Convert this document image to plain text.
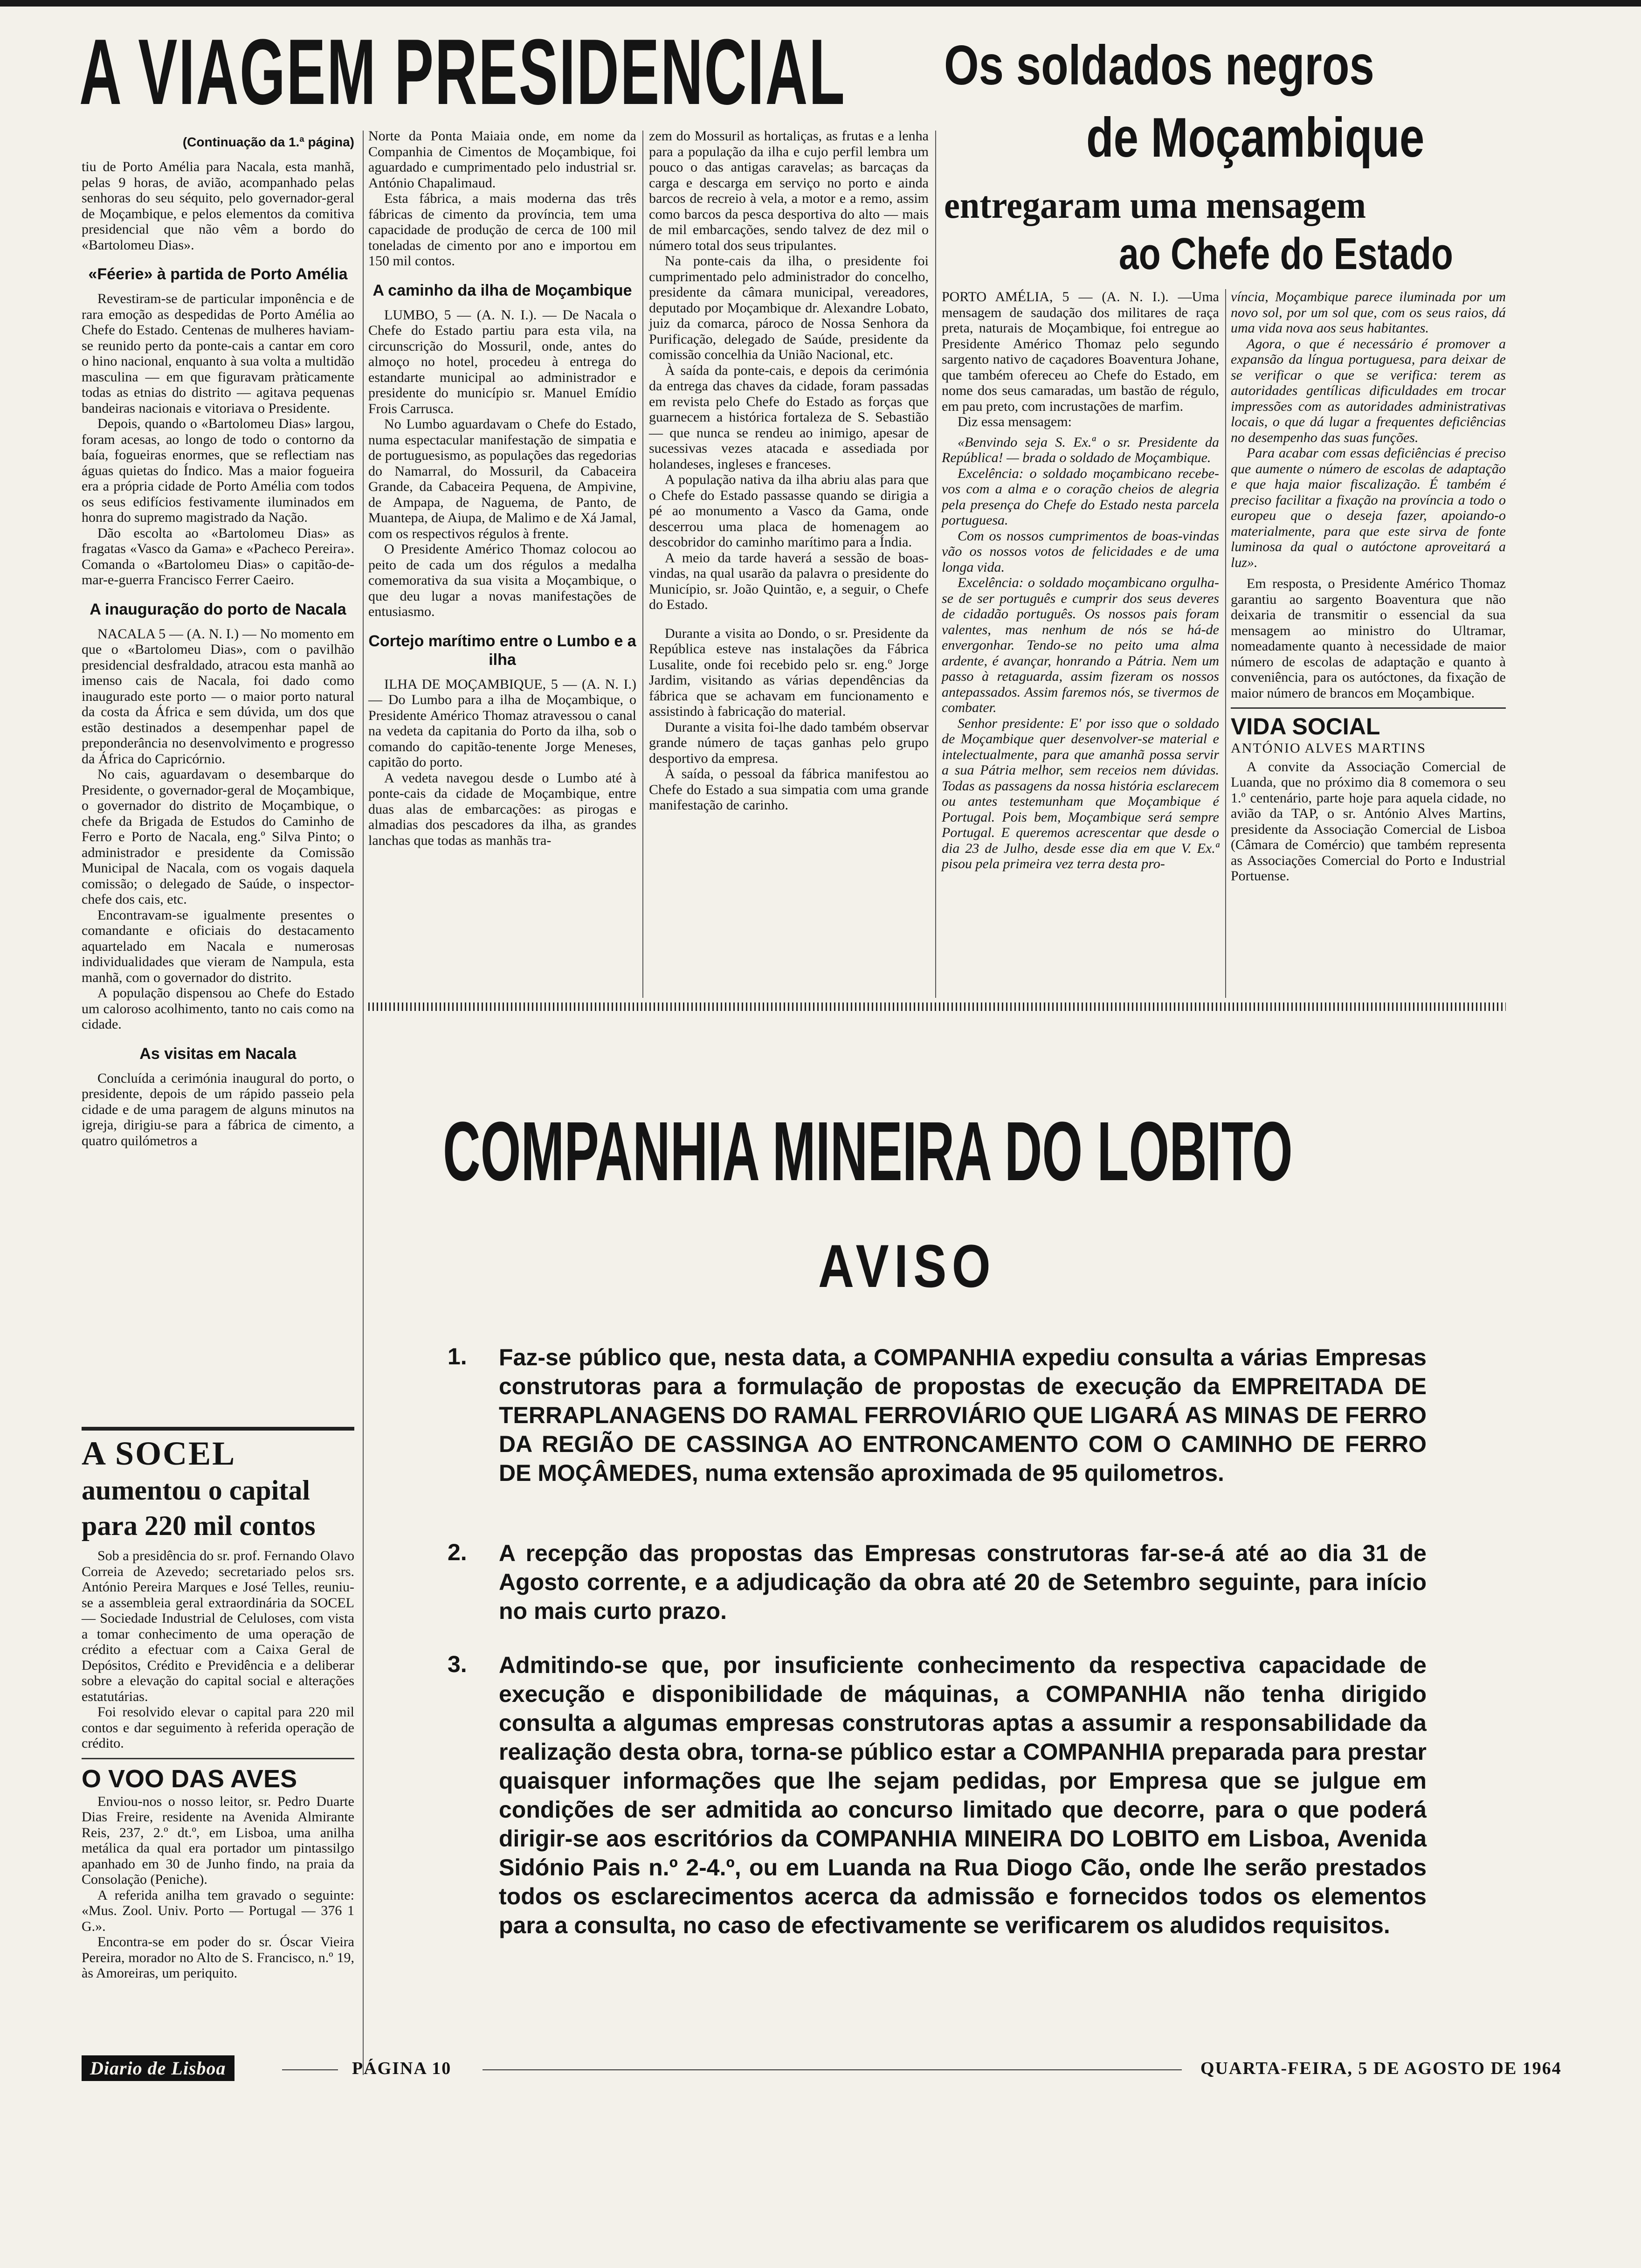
A VIAGEM PRESIDENCIAL
(Continuação da 1.ª página)

tiu de Porto Amélia para Nacala, esta manhã, pelas 9 horas, de avião, acompanhado pelas senhoras do seu séquito, pelo governador-geral de Moçambique, e pelos elementos da comitiva presidencial que não vêm a bordo do «Bartolomeu Dias».

«Féerie» à partida de Porto Amélia

Revestiram-se de particular imponência e de rara emoção as despedidas de Porto Amélia ao Chefe do Estado. Centenas de mulheres haviam-se reunido perto da ponte-cais a cantar em coro o hino nacional, enquanto à sua volta a multidão masculina — em que figuravam pràticamente todas as etnias do distrito — agitava pequenas bandeiras nacionais e vitoriava o Presidente.

Depois, quando o «Bartolomeu Dias» largou, foram acesas, ao longo de todo o contorno da baía, fogueiras enormes, que se reflectiam nas águas quietas do Índico. Mas a maior fogueira era a própria cidade de Porto Amélia com todos os seus edifícios festivamente iluminados em honra do supremo magistrado da Nação.

Dão escolta ao «Bartolomeu Dias» as fragatas «Vasco da Gama» e «Pacheco Pereira». Comanda o «Bartolomeu Dias» o capitão-de-mar-e-guerra Francisco Ferrer Caeiro.

A inauguração do porto de Nacala

NACALA 5 — (A. N. I.) — No momento em que o «Bartolomeu Dias», com o pavilhão presidencial desfraldado, atracou esta manhã ao imenso cais de Nacala, foi dado como inaugurado este porto — o maior porto natural da costa da África e sem dúvida, um dos que estão destinados a desempenhar papel de preponderância no desenvolvimento e progresso da África do Capricórnio.

No cais, aguardavam o desembarque do Presidente, o governador-geral de Moçambique, o governador do distrito de Moçambique, o chefe da Brigada de Estudos do Caminho de Ferro e Porto de Nacala, eng.º Silva Pinto; o administrador e presidente da Comissão Municipal de Nacala, com os vogais daquela comissão; o delegado de Saúde, o inspector-chefe dos cais, etc.

Encontravam-se igualmente presentes o comandante e oficiais do destacamento aquartelado em Nacala e numerosas individualidades que vieram de Nampula, esta manhã, com o governador do distrito.

A população dispensou ao Chefe do Estado um caloroso acolhimento, tanto no cais como na cidade.

As visitas em Nacala

Concluída a cerimónia inaugural do porto, o presidente, depois de um rápido passeio pela cidade e de uma paragem de alguns minutos na igreja, dirigiu-se para a fábrica de cimento, a quatro quilómetros a

A SOCEL
aumentou o capital
para 220 mil contos

Sob a presidência do sr. prof. Fernando Olavo Correia de Azevedo; secretariado pelos srs. António Pereira Marques e José Telles, reuniu-se a assembleia geral extraordinária da SOCEL — Sociedade Industrial de Celuloses, com vista a tomar conhecimento de uma operação de crédito a efectuar com a Caixa Geral de Depósitos, Crédito e Previdência e a deliberar sobre a elevação do capital social e alterações estatutárias.

Foi resolvido elevar o capital para 220 mil contos e dar seguimento à referida operação de crédito.

O VOO DAS AVES

Enviou-nos o nosso leitor, sr. Pedro Duarte Dias Freire, residente na Avenida Almirante Reis, 237, 2.º dt.º, em Lisboa, uma anilha metálica da qual era portador um pintassilgo apanhado em 30 de Junho findo, na praia da Consolação (Peniche).

A referida anilha tem gravado o seguinte: «Mus. Zool. Univ. Porto — Portugal — 376 1 G.».

Encontra-se em poder do sr. Óscar Vieira Pereira, morador no Alto de S. Francisco, n.º 19, às Amoreiras, um periquito.

Norte da Ponta Maiaia onde, em nome da Companhia de Cimentos de Moçambique, foi aguardado e cumprimentado pelo industrial sr. António Chapalimaud.

Esta fábrica, a mais moderna das três fábricas de cimento da província, tem uma capacidade de produção de cerca de 100 mil toneladas de cimento por ano e importou em 150 mil contos.

A caminho da ilha de Moçambique

LUMBO, 5 — (A. N. I.). — De Nacala o Chefe do Estado partiu para esta vila, na circunscrição do Mossuril, onde, antes do almoço no hotel, procedeu à entrega do estandarte municipal ao administrador e presidente do município sr. Manuel Emídio Frois Carrusca.

No Lumbo aguardavam o Chefe do Estado, numa espectacular manifestação de simpatia e de portuguesismo, as populações das regedorias do Namarral, do Mossuril, da Cabaceira Grande, da Cabaceira Pequena, de Ampivine, de Ampapa, de Naguema, de Panto, de Muantepa, de Aiupa, de Malimo e de Xá Jamal, com os respectivos régulos à frente.

O Presidente Américo Thomaz colocou ao peito de cada um dos régulos a medalha comemorativa da sua visita a Moçambique, o que deu lugar a novas manifestações de entusiasmo.

Cortejo marítimo entre o Lumbo e a ilha

ILHA DE MOÇAMBIQUE, 5 — (A. N. I.) — Do Lumbo para a ilha de Moçambique, o Presidente Américo Thomaz atravessou o canal na vedeta da capitania do Porto da ilha, sob o comando do capitão-tenente Jorge Meneses, capitão do porto.

A vedeta navegou desde o Lumbo até à ponte-cais da cidade de Moçambique, entre duas alas de embarcações: as pirogas e almadias dos pescadores da ilha, as grandes lanchas que todas as manhãs tra-

zem do Mossuril as hortaliças, as frutas e a lenha para a população da ilha e cujo perfil lembra um pouco o das antigas caravelas; as barcaças da carga e descarga em serviço no porto e ainda barcos de recreio à vela, a motor e a remo, assim como barcos da pesca desportiva do alto — mais de mil embarcações, sendo talvez de dez mil o número total dos seus tripulantes.

Na ponte-cais da ilha, o presidente foi cumprimentado pelo administrador do concelho, presidente da câmara municipal, vereadores, deputado por Moçambique dr. Alexandre Lobato, juiz da comarca, pároco de Nossa Senhora da Purificação, delegado de Saúde, presidente da comissão concelhia da União Nacional, etc.

À saída da ponte-cais, e depois da cerimónia da entrega das chaves da cidade, foram passadas em revista pelo Chefe do Estado as forças que guarnecem a histórica fortaleza de S. Sebastião — que nunca se rendeu ao inimigo, apesar de sucessivas vezes atacada e assediada por holandeses, ingleses e franceses.

A população nativa da ilha abriu alas para que o Chefe do Estado passasse quando se dirigia a pé ao monumento a Vasco da Gama, onde descerrou uma placa de homenagem ao descobridor do caminho marítimo para a Índia.

A meio da tarde haverá a sessão de boas-vindas, na qual usarão da palavra o presidente do Município, sr. João Quintão, e, a seguir, o Chefe do Estado.

Durante a visita ao Dondo, o sr. Presidente da República esteve nas instalações da Fábrica Lusalite, onde foi recebido pelo sr. eng.º Jorge Jardim, visitando as várias dependências da fábrica que se achavam em funcionamento e assistindo à fabricação do material.

Durante a visita foi-lhe dado também observar grande número de taças ganhas pelo grupo desportivo da empresa.

À saída, o pessoal da fábrica manifestou ao Chefe do Estado a sua simpatia com uma grande manifestação de carinho.

Os soldados negros
de Moçambique
entregaram uma mensagem
ao Chefe do Estado

PORTO AMÉLIA, 5 — (A. N. I.). —Uma mensagem de saudação dos militares de raça preta, naturais de Moçambique, foi entregue ao Presidente Américo Thomaz pelo segundo sargento nativo de caçadores Boaventura Johane, que também ofereceu ao Chefe do Estado, em nome dos seus camaradas, um bastão de régulo, em pau preto, com incrustações de marfim.

Diz essa mensagem:

«Benvindo seja S. Ex.ª o sr. Presidente da República! — brada o soldado de Moçambique.

Excelência: o soldado moçambicano recebe-vos com a alma e o coração cheios de alegria pela presença do Chefe do Estado nesta parcela portuguesa.

Com os nossos cumprimentos de boas-vindas vão os nossos votos de felicidades e de uma longa vida.

Excelência: o soldado moçambicano orgulha-se de ser português e cumprir dos seus deveres de cidadão português. Os nossos pais foram valentes, mas nenhum de nós se há-de envergonhar. Tendo-se no peito uma alma ardente, é avançar, honrando a Pátria. Nem um passo à retaguarda, assim fizeram os nossos antepassados. Assim faremos nós, se tivermos de combater.

Senhor presidente: E' por isso que o soldado de Moçambique quer desenvolver-se material e intelectualmente, para que amanhã possa servir a sua Pátria melhor, sem receios nem dúvidas. Todas as passagens da nossa história esclarecem ou antes testemunham que Moçambique é Portugal. Pois bem, Moçambique será sempre Portugal. E queremos acrescentar que desde o dia 23 de Julho, desde esse dia em que V. Ex.ª pisou pela primeira vez terra desta pro-

víncia, Moçambique parece iluminada por um novo sol, por um sol que, com os seus raios, dá uma vida nova aos seus habitantes.

Agora, o que é necessário é promover a expansão da língua portuguesa, para deixar de se verificar o que se verifica: terem as autoridades gentílicas dificuldades em trocar impressões com as autoridades administrativas locais, o que dá lugar a frequentes deficiências no desempenho das suas funções.

Para acabar com essas deficiências é preciso que aumente o número de escolas de adaptação e que haja maior fiscalização. É também é preciso facilitar a fixação na província a todo o europeu que o deseja fazer, apoiando-o materialmente, para que este sirva de fonte luminosa da qual o autóctone aproveitará a luz».

Em resposta, o Presidente Américo Thomaz garantiu ao sargento Boaventura que não deixaria de transmitir o essencial da sua mensagem ao ministro do Ultramar, nomeadamente quanto à necessidade de maior número de escolas de adaptação e quanto à conveniência, para os autóctones, da fixação de maior número de brancos em Moçambique.

VIDA SOCIAL
ANTÓNIO ALVES MARTINS

A convite da Associação Comercial de Luanda, que no próximo dia 8 comemora o seu 1.º centenário, parte hoje para aquela cidade, no avião da TAP, o sr. António Alves Martins, presidente da Associação Comercial de Lisboa (Câmara de Comércio) que também representa as Associações Comercial do Porto e Industrial Portuense.

COMPANHIA MINEIRA DO LOBITO
AVISO
1. Faz-se público que, nesta data, a COMPANHIA expediu consulta a várias Empresas construtoras para a formulação de propostas de execução da EMPREITADA DE TERRAPLANAGENS DO RAMAL FERROVIÁRIO QUE LIGARÁ AS MINAS DE FERRO DA REGIÃO DE CASSINGA AO ENTRONCAMENTO COM O CAMINHO DE FERRO DE MOÇÂMEDES, numa extensão aproximada de 95 quilometros.
2. A recepção das propostas das Empresas construtoras far-se-á até ao dia 31 de Agosto corrente, e a adjudicação da obra até 20 de Setembro seguinte, para início no mais curto prazo.
3. Admitindo-se que, por insuficiente conhecimento da respectiva capacidade de execução e disponibilidade de máquinas, a COMPANHIA não tenha dirigido consulta a algumas empresas construtoras aptas a assumir a responsabilidade da realização desta obra, torna-se público estar a COMPANHIA preparada para prestar quaisquer informações que lhe sejam pedidas, por Empresa que se julgue em condições de ser admitida ao concurso limitado que decorre, para o que poderá dirigir-se aos escritórios da COMPANHIA MINEIRA DO LOBITO em Lisboa, Avenida Sidónio Pais n.º 2-4.º, ou em Luanda na Rua Diogo Cão, onde lhe serão prestados todos os esclarecimentos acerca da admissão e fornecidos todos os elementos para a consulta, no caso de efectivamente se verificarem os aludidos requisitos.
Diario de Lisboa	PÁGINA 10	QUARTA-FEIRA, 5 DE AGOSTO DE 1964
